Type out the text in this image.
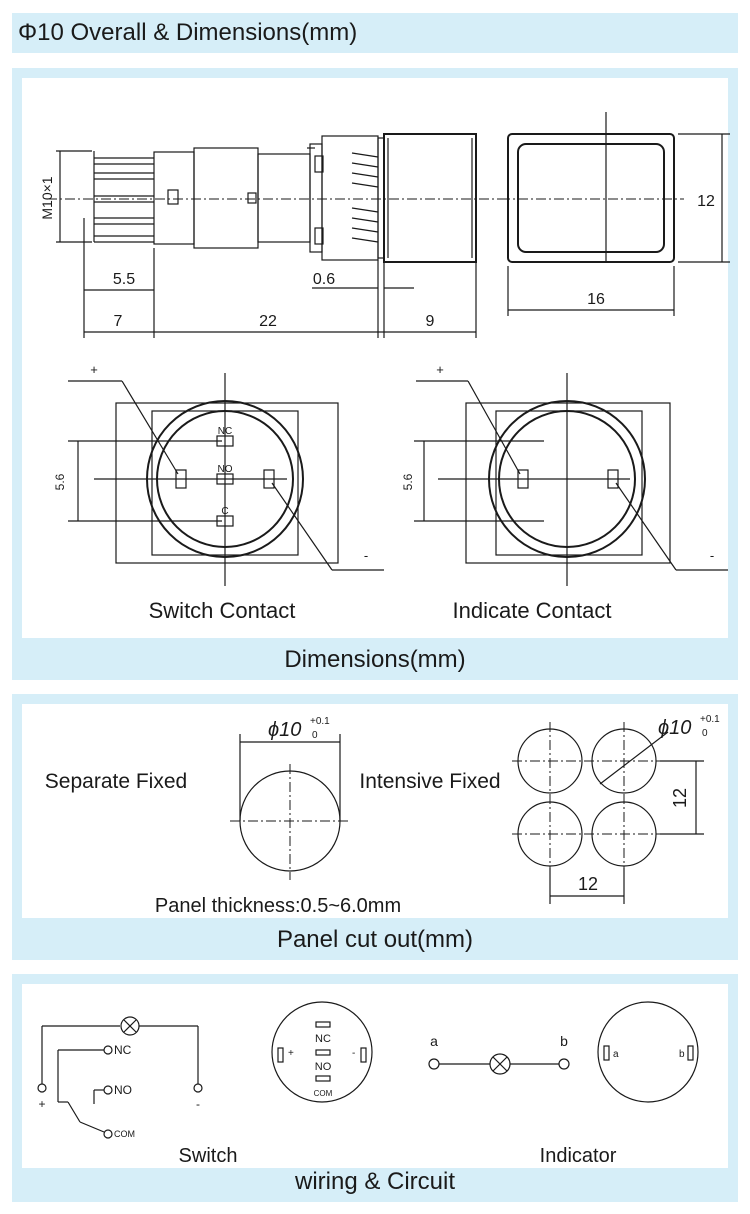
Φ10 Overall & Dimensions(mm)
M10×1
5.5	0.6
7	22	9
12
16
NC
NO
C
+
-
5.6
Switch Contact
+
-
5.6
Indicate Contact
Dimensions(mm)
Separate Fixed	Intensive Fixed
ϕ10 +0.1
0
Panel thickness:0.5~6.0mm
ϕ10 +0.1
0
12
12
Panel cut out(mm)
+	-
NC
NO
COM
Switch
NC
NO
COM
+	-
a	b
Indicator
a	b
wiring & Circuit
